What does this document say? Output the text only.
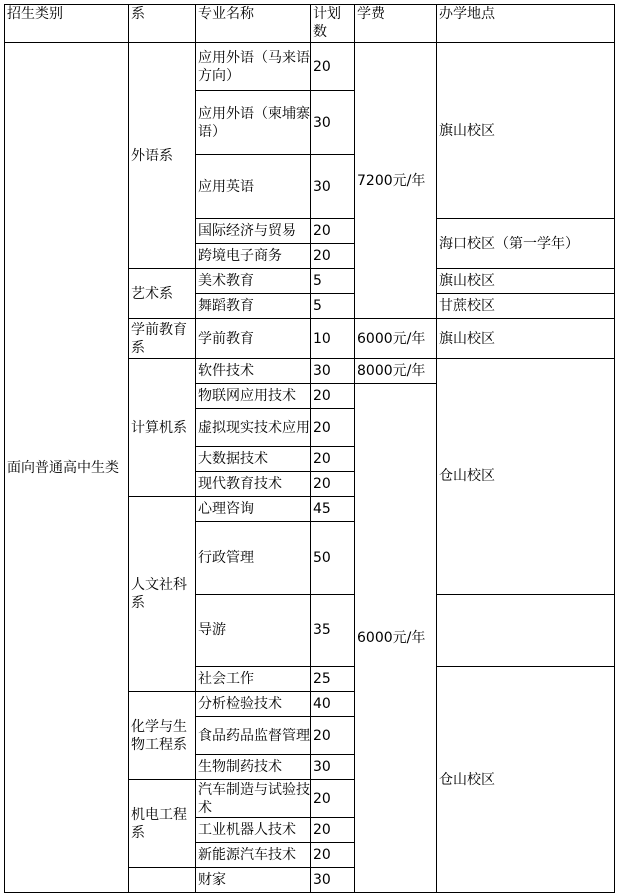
招生类别	系	专业名称	计划数	学费	办学地点	
面向普通高中生类	外语系	应用外语（马来语方向）	20	7200元/年	旗山校区	
		应用外语（柬埔寨语）	30			
		应用英语	30			
		国际经济与贸易	20		海口校区（第一学年）	
		跨境电子商务	20			
	艺术系	美术教育	5		旗山校区	
		舞蹈教育	5		甘蔗校区	
	学前教育系	学前教育	10	6000元/年	旗山校区	
	计算机系	软件技术	30	8000元/年	仓山校区	
		物联网应用技术	20	6000元/年		
		虚拟现实技术应用	20			
		大数据技术	20			
		现代教育技术	20			
	人文社科系	心理咨询	45			
		行政管理	50	
		导游	35			
		社会工作	25		仓山校区	
	化学与生物工程系	分析检验技术	40			
		食品药品监督管理	20			
		生物制药技术	30			
	机电工程系	汽车制造与试验技术	20			
		工业机器人技术	20			
		新能源汽车技术	20			
		财家	30			
